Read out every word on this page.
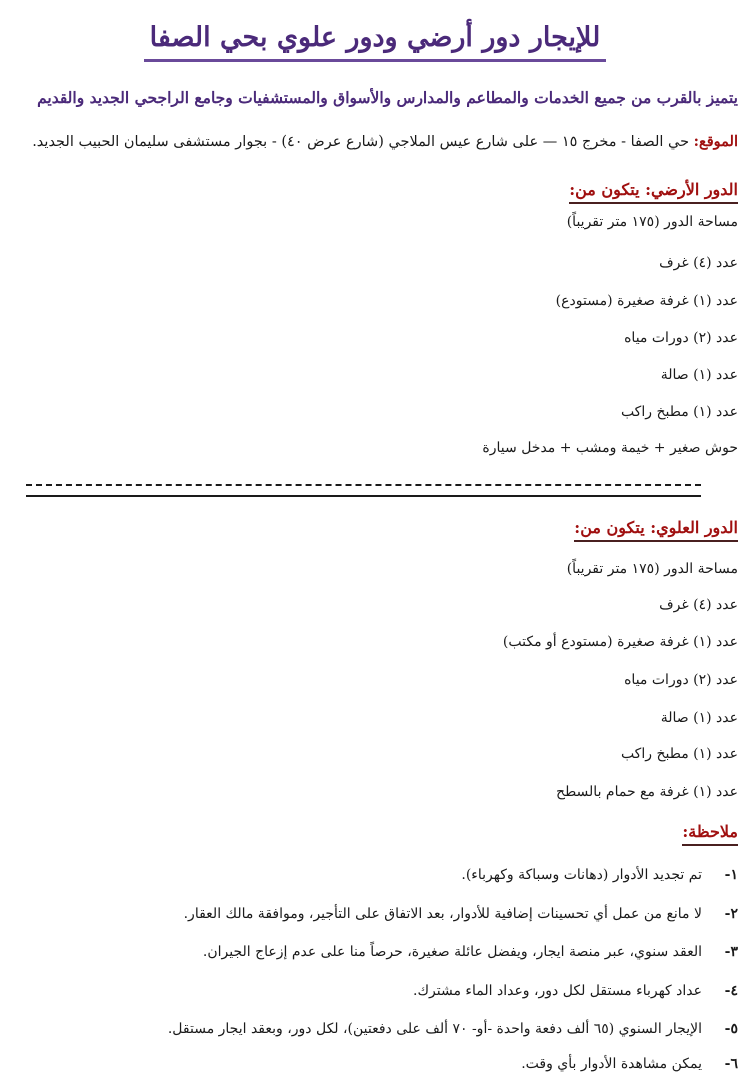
للإيجار دور أرضي ودور علوي بحي الصفا
يتميز بالقرب من جميع الخدمات والمطاعم والمدارس والأسواق والمستشفيات وجامع الراجحي الجديد والقديم
الموقع: حي الصفا - مخرج ١٥ — على شارع عيس الملاجي (شارع عرض ٤٠) - بجوار مستشفى سليمان الحبيب الجديد.
الدور الأرضي: يتكون من:
مساحة الدور (١٧٥ متر تقريباً)
عدد (٤) غرف
عدد (١) غرفة صغيرة (مستودع)
عدد (٢) دورات مياه
عدد (١) صالة
عدد (١) مطبخ راكب
حوش صغير + خيمة ومشب + مدخل سيارة
الدور العلوي: يتكون من:
مساحة الدور (١٧٥ متر تقريباً)
عدد (٤) غرف
عدد (١) غرفة صغيرة (مستودع أو مكتب)
عدد (٢) دورات مياه
عدد (١) صالة
عدد (١) مطبخ راكب
عدد (١) غرفة مع حمام بالسطح
ملاحظة:
١-تم تجديد الأدوار (دهانات وسباكة وكهرباء).
٢-لا مانع من عمل أي تحسينات إضافية للأدوار، بعد الاتفاق على التأجير، وموافقة مالك العقار.
٣-العقد سنوي، عبر منصة ايجار، ويفضل عائلة صغيرة، حرصاً منا على عدم إزعاج الجيران.
٤-عداد كهرباء مستقل لكل دور، وعداد الماء مشترك.
٥-الإيجار السنوي (٦٥ ألف دفعة واحدة -أو- ٧٠ ألف على دفعتين)، لكل دور، وبعقد ايجار مستقل.
٦-يمكن مشاهدة الأدوار بأي وقت.
